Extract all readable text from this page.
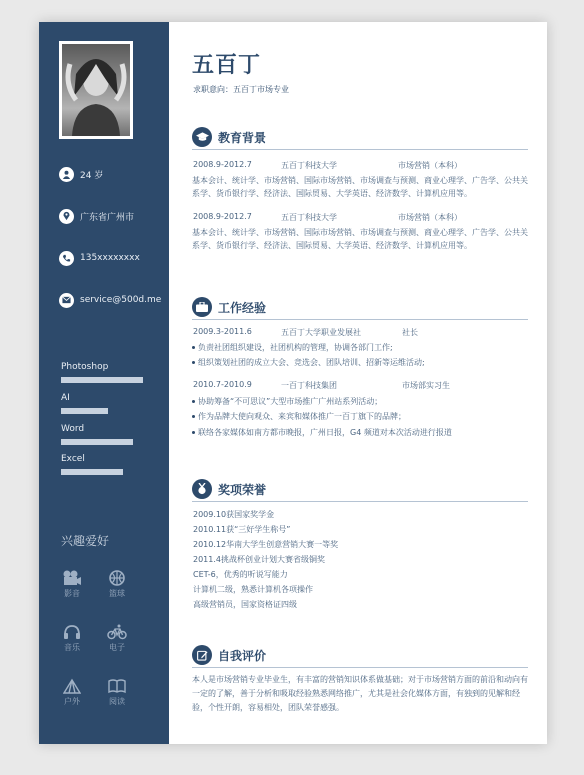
24 岁
广东省广州市
135xxxxxxxx
service@500d.me
Photoshop
AI
Word
Excel
兴趣爱好
影音	篮球
音乐	电子
户外	阅读
五百丁
求职意向：五百丁市场专业
教育背景
2008.9-2012.7	五百丁科技大学	市场营销（本科）
基本会计、统计学、市场营销、国际市场营销、市场调查与预测、商业心理学、广告学、公共关系学、货币银行学、经济法、国际贸易、大学英语、经济数学、计算机应用等。
2008.9-2012.7	五百丁科技大学	市场营销（本科）
基本会计、统计学、市场营销、国际市场营销、市场调查与预测、商业心理学、广告学、公共关系学、货币银行学、经济法、国际贸易、大学英语、经济数学、计算机应用等。
工作经验
2009.3-2011.6	五百丁大学职业发展社	社长
负责社团组织建设，社团机构的管理，协调各部门工作;
组织策划社团的成立大会、竞选会、团队培训、招新等运维活动;
2010.7-2010.9	一百丁科技集团	市场部实习生
协助筹备“不可思议”大型市场推广广州站系列活动；
作为品牌大使向观众、来宾和媒体推广一百丁旗下的品牌；
联络各家媒体如南方都市晚报，广州日报，G4 频道对本次活动进行报道
奖项荣誉
2009.10获国家奖学金
2010.11获“三好学生称号”
2010.12华南大学生创意营销大赛一等奖
2011.4挑战杯创业计划大赛省级铜奖
CET-6，优秀的听说写能力
计算机二级，熟悉计算机各项操作
高级营销员，国家资格证四级
自我评价
本人是市场营销专业毕业生，有丰富的营销知识体系做基础；对于市场营销方面的前沿和动向有一定的了解，善于分析和吸取经验熟悉网络推广，尤其是社会化媒体方面，有独到的见解和经验，个性开朗，容易相处，团队荣誉感强。
